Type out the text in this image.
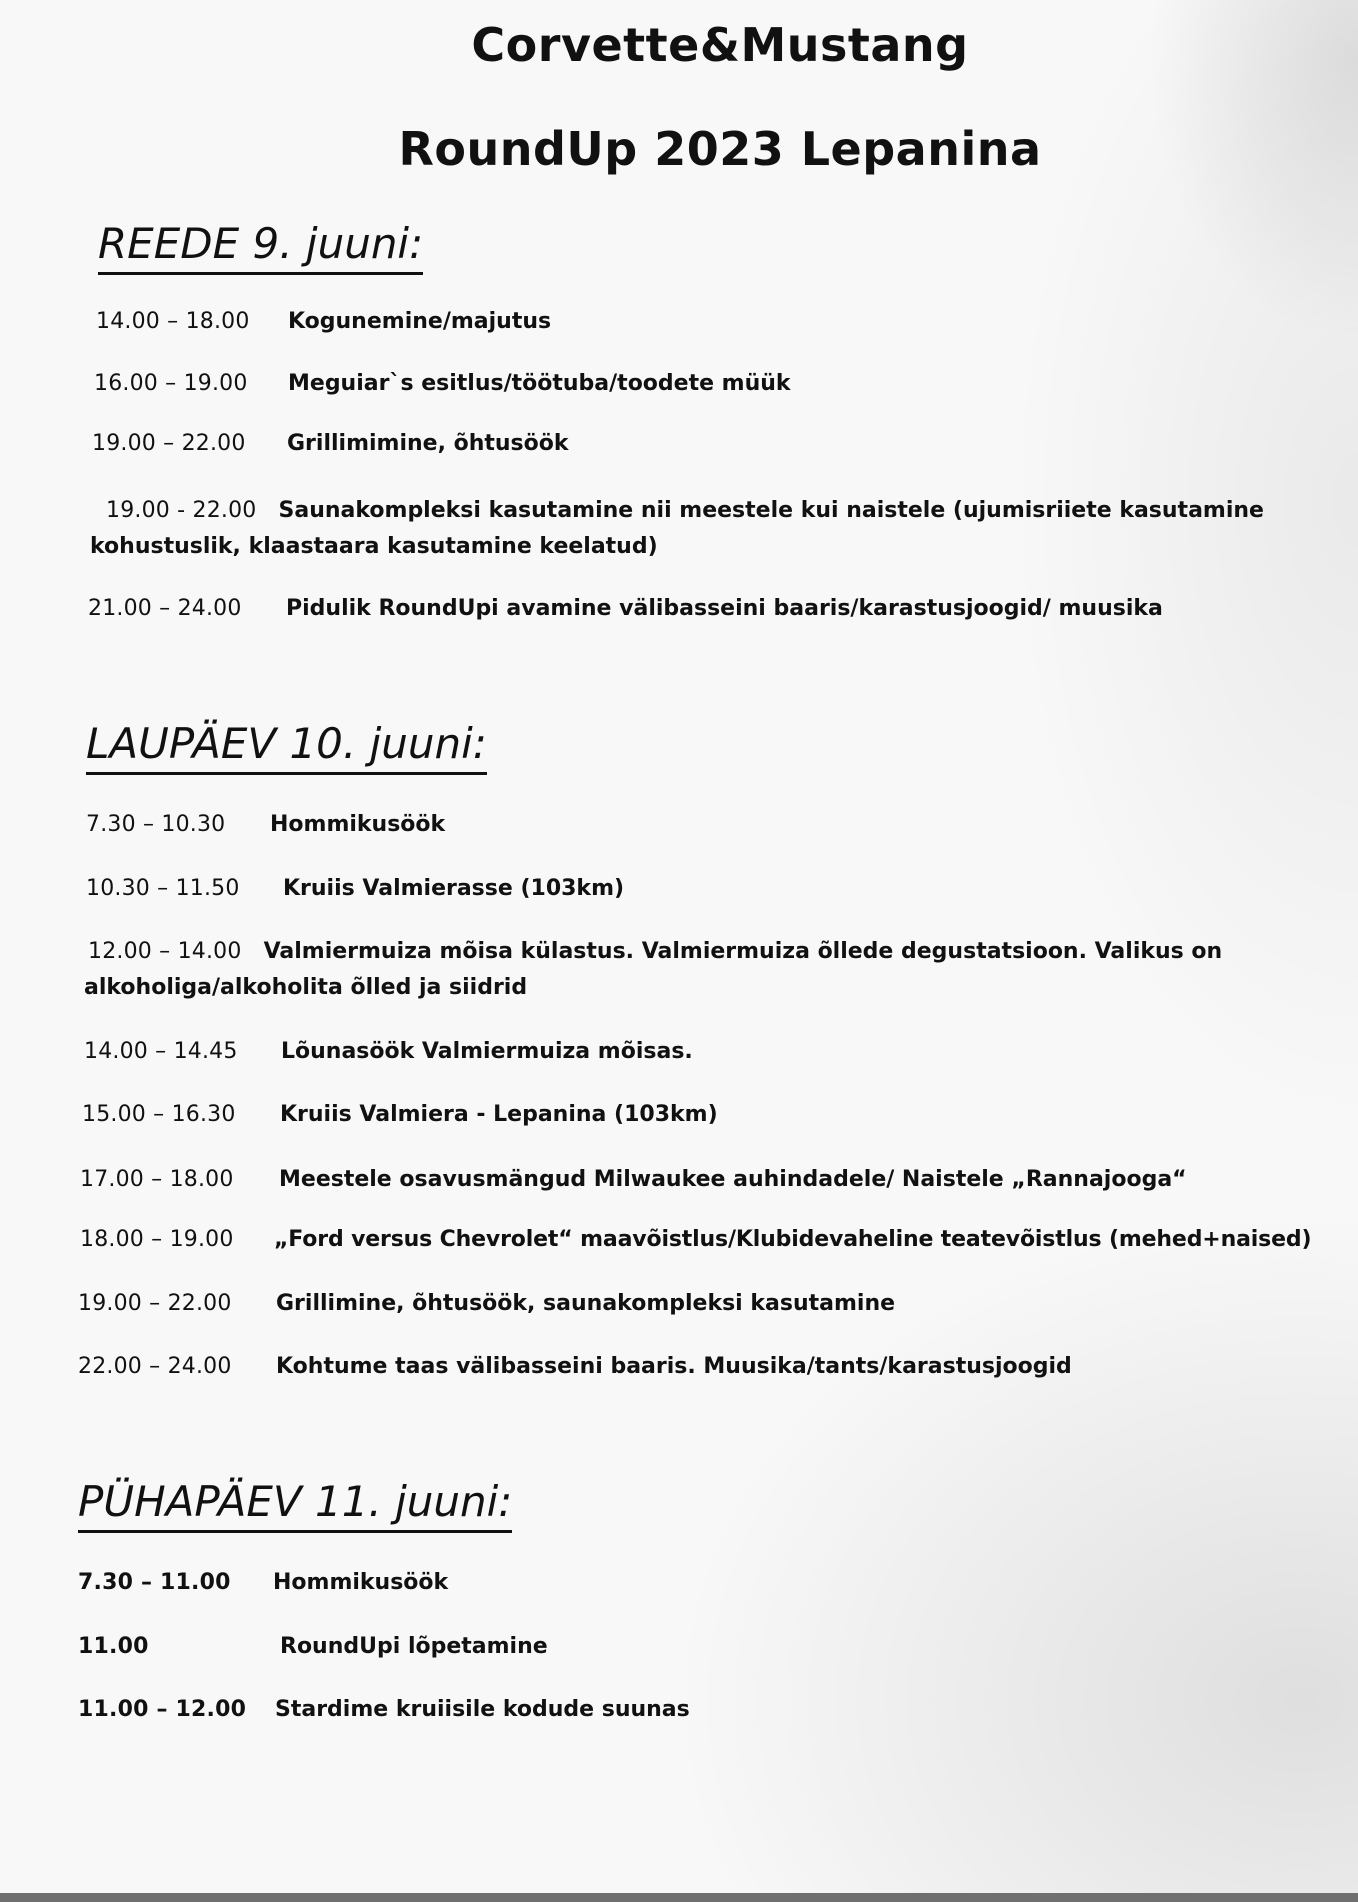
Corvette&Mustang
RoundUp 2023 Lepanina
REEDE 9. juuni:
14.00 – 18.00 Kogunemine/majutus
16.00 – 19.00 Meguiar`s esitlus/töötuba/toodete müük
19.00 – 22.00 Grillimimine, õhtusöök
19.00 - 22.00 Saunakompleksi kasutamine nii meestele kui naistele (ujumisriiete kasutamine kohustuslik, klaastaara kasutamine keelatud)
21.00 – 24.00 Pidulik RoundUpi avamine välibasseini baaris/karastusjoogid/ muusika
LAUPÄEV 10. juuni:
7.30 – 10.30 Hommikusöök
10.30 – 11.50 Kruiis Valmierasse (103km)
12.00 – 14.00 Valmiermuiza mõisa külastus. Valmiermuiza õllede degustatsioon. Valikus on alkoholiga/alkoholita õlled ja siidrid
14.00 – 14.45 Lõunasöök Valmiermuiza mõisas.
15.00 – 16.30 Kruiis Valmiera - Lepanina (103km)
17.00 – 18.00 Meestele osavusmängud Milwaukee auhindadele/ Naistele „Rannajooga“
18.00 – 19.00 „Ford versus Chevrolet“ maavõistlus/Klubidevaheline teatevõistlus (mehed+naised)
19.00 – 22.00 Grillimine, õhtusöök, saunakompleksi kasutamine
22.00 – 24.00 Kohtume taas välibasseini baaris. Muusika/tants/karastusjoogid
PÜHAPÄEV 11. juuni:
7.30 – 11.00 Hommikusöök
11.00	RoundUpi lõpetamine
11.00 – 12.00 Stardime kruiisile kodude suunas
